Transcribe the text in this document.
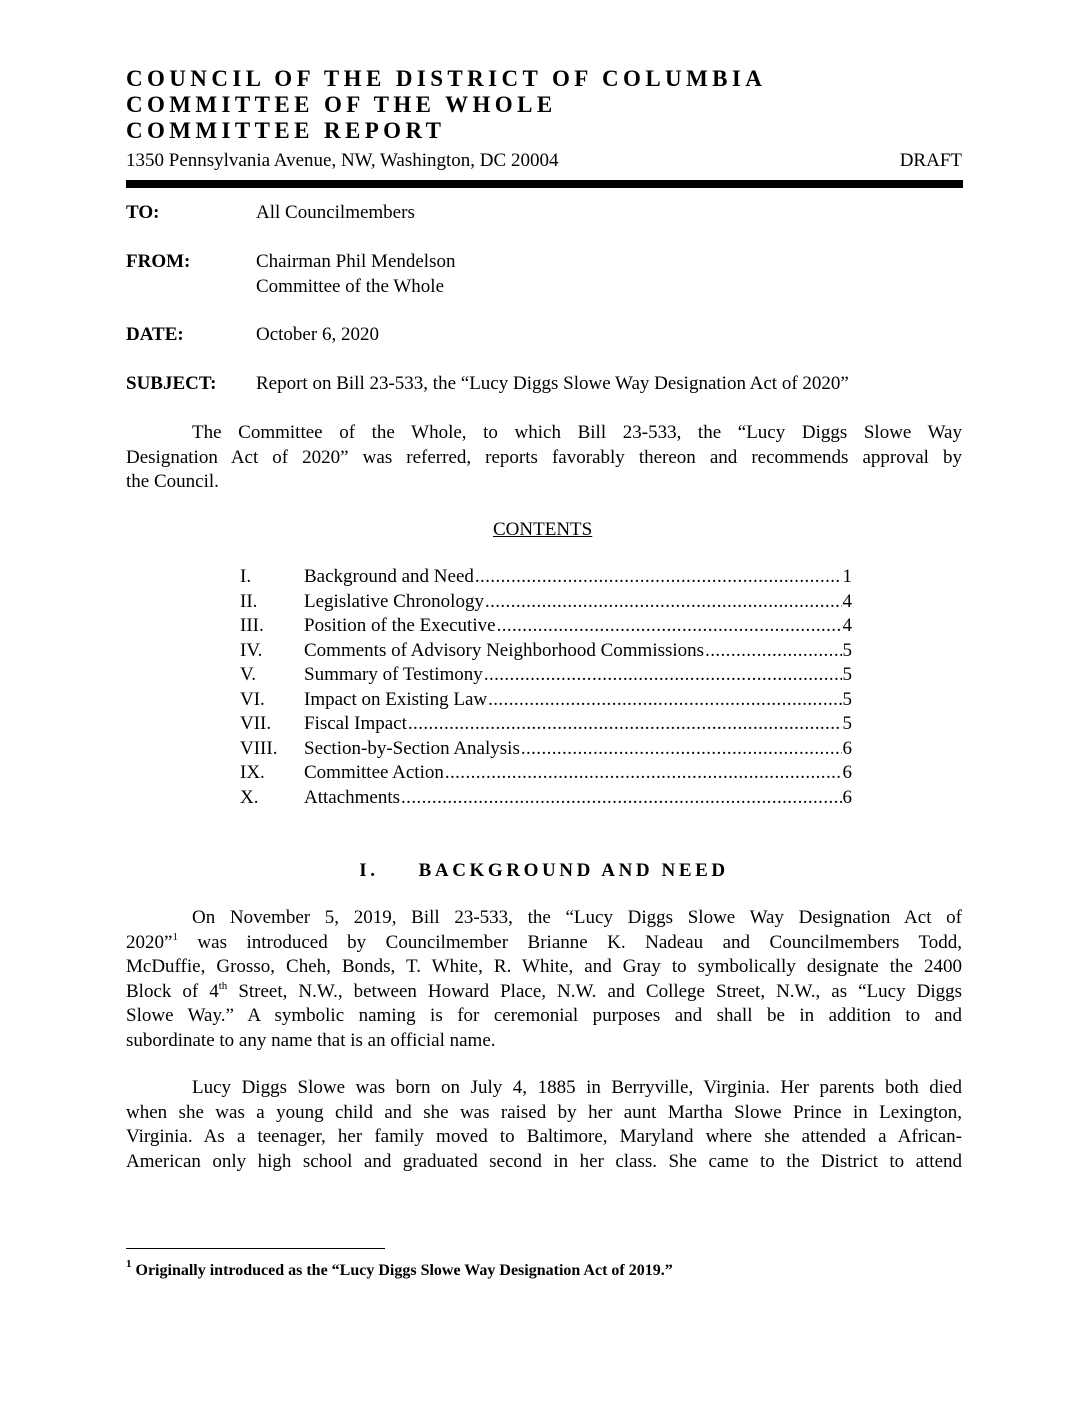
COUNCIL OF THE DISTRICT OF COLUMBIA
COMMITTEE OF THE WHOLE
COMMITTEE REPORT
1350 Pennsylvania Avenue, NW, Washington, DC 20004	DRAFT
TO:	All Councilmembers
FROM:	Chairman Phil Mendelson
Committee of the Whole
DATE:	October 6, 2020
SUBJECT: Report on Bill 23-533, the “Lucy Diggs Slowe Way Designation Act of 2020”
The Committee of the Whole, to which Bill 23-533, the “Lucy Diggs Slowe Way
Designation Act of 2020” was referred, reports favorably thereon and recommends approval by
the Council.
CONTENTS
I.	Background and Need .....	1
II.	Legislative Chronology .....	4
III.	Position of the Executive .....	4
IV.	Comments of Advisory Neighborhood Commissions .....	5
V.	Summary of Testimony .....	5
VI.	Impact on Existing Law .....	5
VII.	Fiscal Impact .....	5
VIII.	Section-by-Section Analysis .....	6
IX.	Committee Action .....	6
X.	Attachments .....	6
I. BACKGROUND AND NEED
On November 5, 2019, Bill 23-533, the “Lucy Diggs Slowe Way Designation Act of
2020”$^1$ was introduced by Councilmember Brianne K. Nadeau and Councilmembers Todd,
McDuffie, Grosso, Cheh, Bonds, T. White, R. White, and Gray to symbolically designate the 2400
Block of 4th Street, N.W., between Howard Place, N.W. and College Street, N.W., as “Lucy Diggs
Slowe Way.” A symbolic naming is for ceremonial purposes and shall be in addition to and
subordinate to any name that is an official name.
Lucy Diggs Slowe was born on July 4, 1885 in Berryville, Virginia. Her parents both died
when she was a young child and she was raised by her aunt Martha Slowe Prince in Lexington,
Virginia. As a teenager, her family moved to Baltimore, Maryland where she attended a African-
American only high school and graduated second in her class. She came to the District to attend
$^1$ Originally introduced as the “Lucy Diggs Slowe Way Designation Act of 2019.”
